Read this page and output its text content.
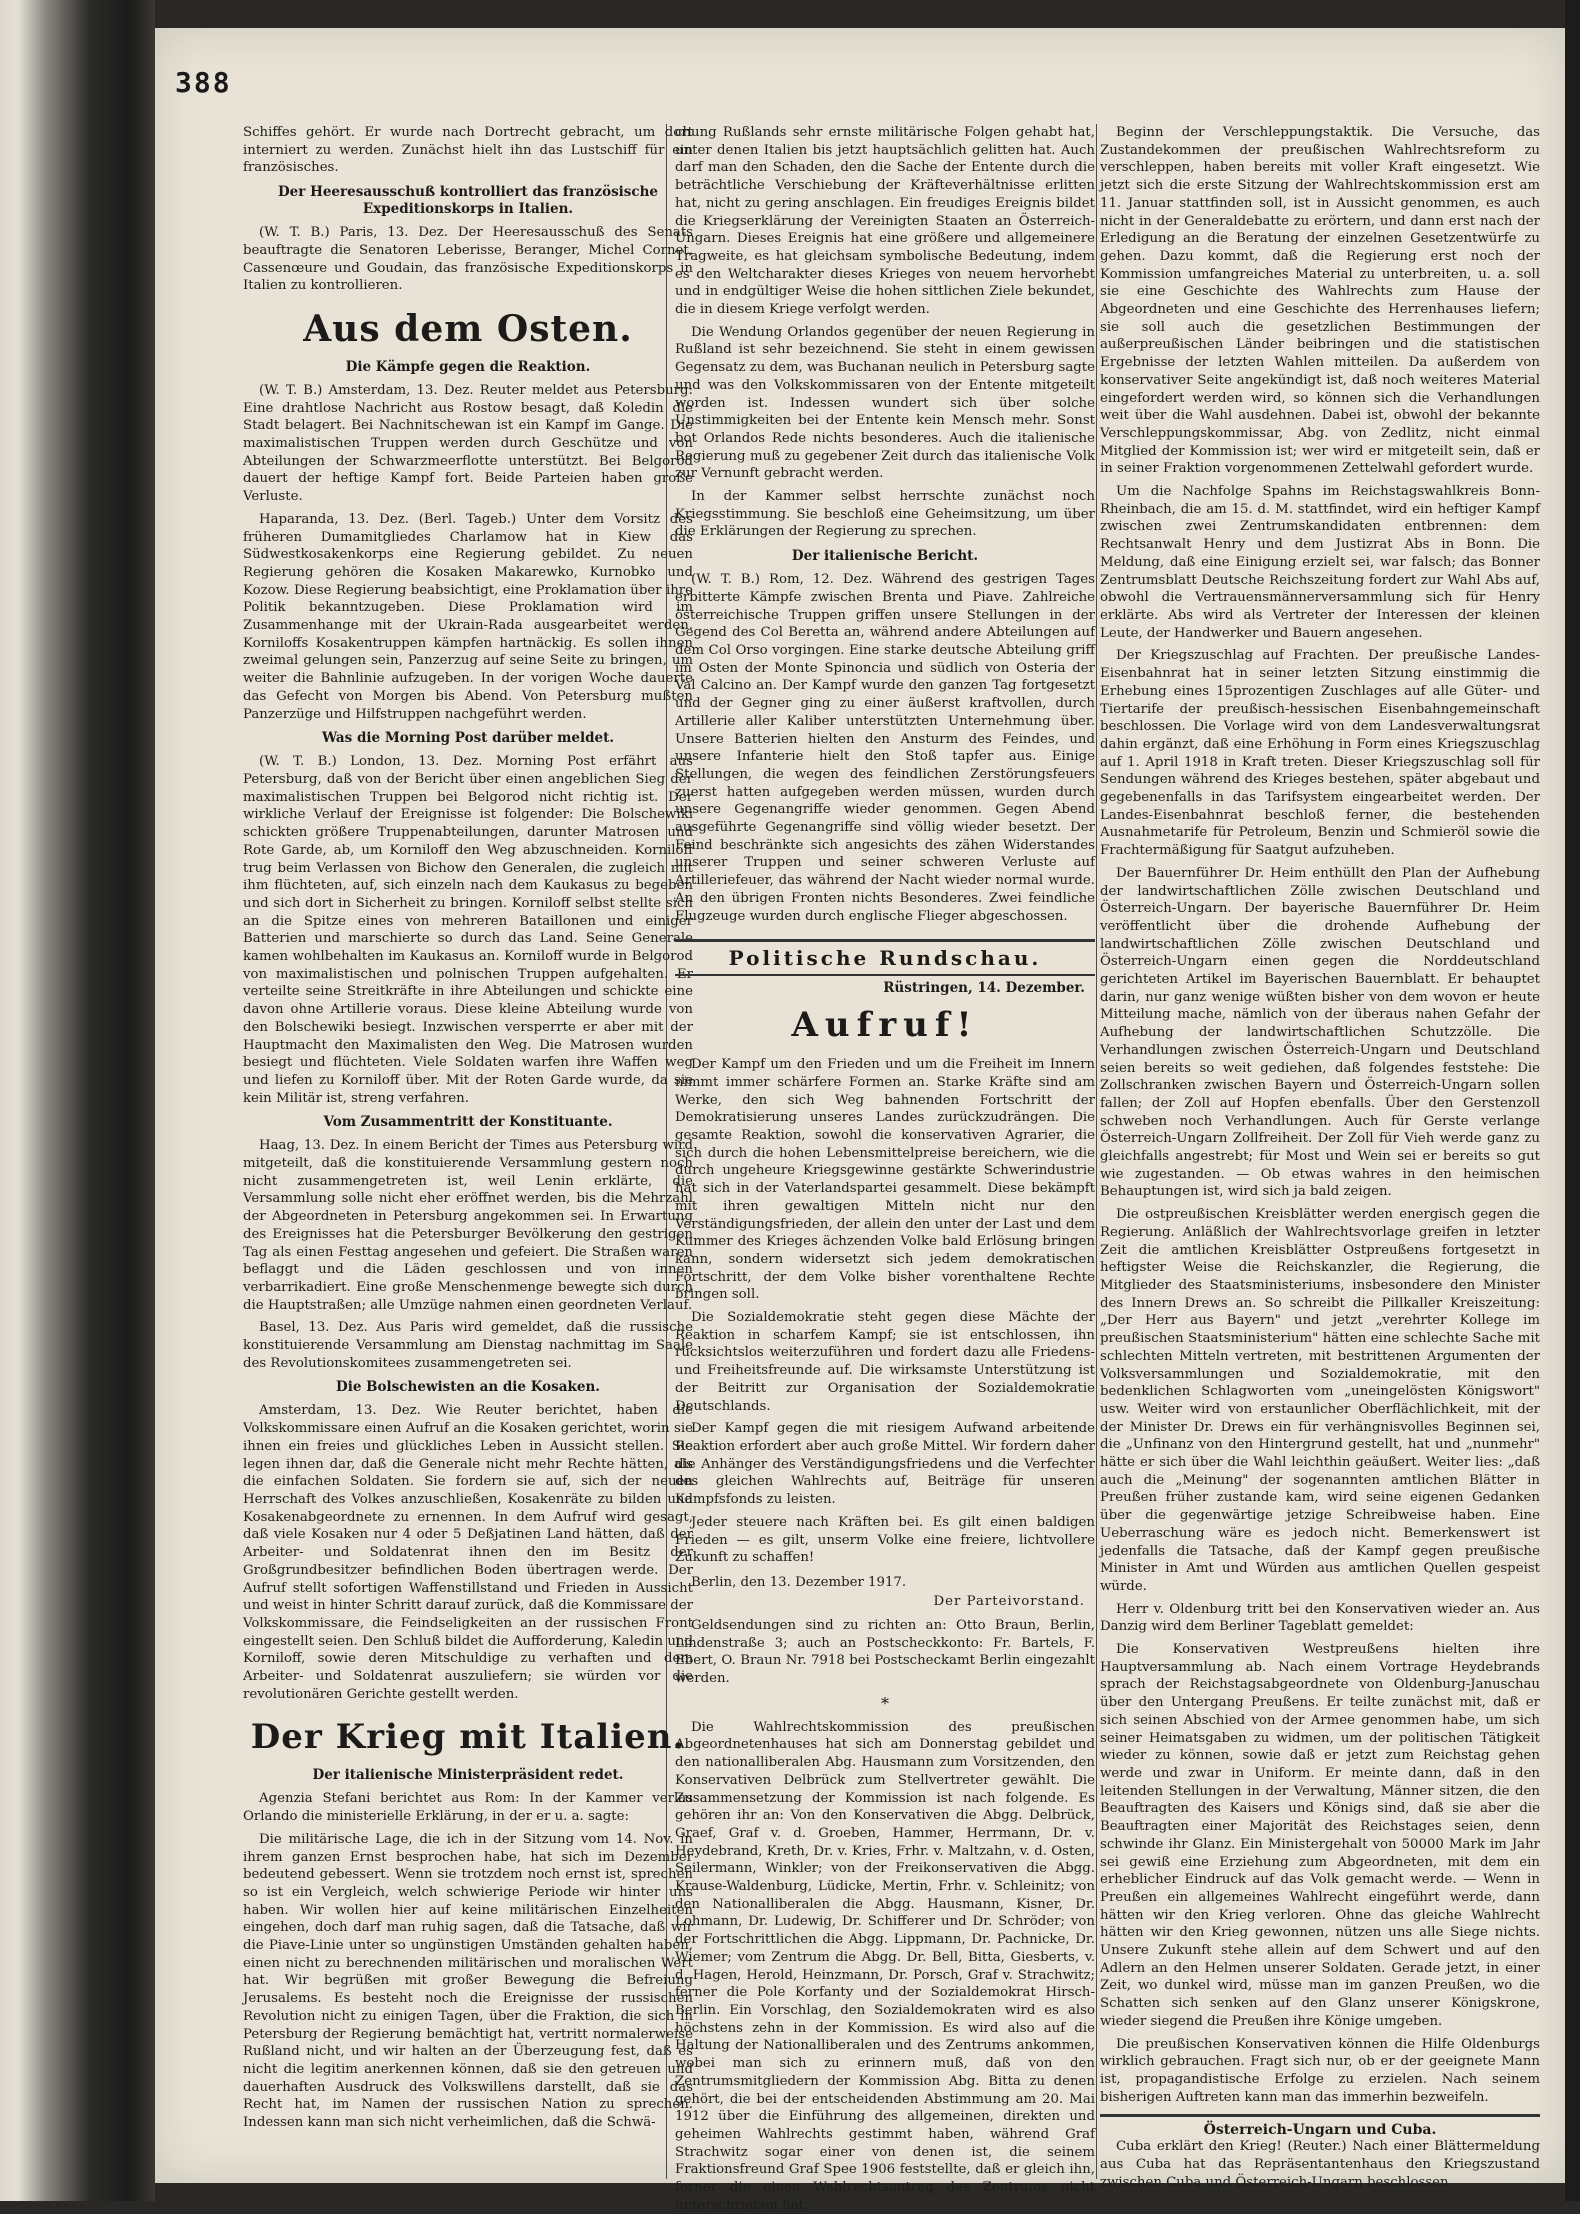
388

Schiffes gehört. Er wurde nach Dortrecht gebracht, um dort interniert zu werden. Zunächst hielt ihn das Lustschiff für ein französisches.

Der Heeresausschuß kontrolliert das französische Expeditionskorps in Italien.

(W. T. B.) Paris, 13. Dez. Der Heeresausschuß des Senats beauftragte die Senatoren Leberisse, Beranger, Michel Cornet, Cassenœure und Goudain, das französische Expeditionskorps in Italien zu kontrollieren.

Aus dem Osten.
Die Kämpfe gegen die Reaktion.

(W. T. B.) Amsterdam, 13. Dez. Reuter meldet aus Petersburg: Eine drahtlose Nachricht aus Rostow besagt, daß Koledin die Stadt belagert. Bei Nachnitschewan ist ein Kampf im Gange. Die maximalistischen Truppen werden durch Geschütze und von Abteilungen der Schwarzmeerflotte unterstützt. Bei Belgorod dauert der heftige Kampf fort. Beide Parteien haben große Verluste.

Haparanda, 13. Dez. (Berl. Tageb.) Unter dem Vorsitz des früheren Dumamitgliedes Charlamow hat in Kiew das Südwestkosakenkorps eine Regierung gebildet. Zu neuen Regierung gehören die Kosaken Makarewko, Kurnobko und Kozow. Diese Regierung beabsichtigt, eine Proklamation über ihre Politik bekanntzugeben. Diese Proklamation wird im Zusammenhange mit der Ukrain-Rada ausgearbeitet werden. Korniloffs Kosakentruppen kämpfen hartnäckig. Es sollen ihnen zweimal gelungen sein, Panzerzug auf seine Seite zu bringen, um weiter die Bahnlinie aufzugeben. In der vorigen Woche dauerte das Gefecht von Morgen bis Abend. Von Petersburg mußten Panzerzüge und Hilfstruppen nachgeführt werden.

Was die Morning Post darüber meldet.

(W. T. B.) London, 13. Dez. Morning Post erfährt aus Petersburg, daß von der Bericht über einen angeblichen Sieg der maximalistischen Truppen bei Belgorod nicht richtig ist. Der wirkliche Verlauf der Ereignisse ist folgender: Die Bolschewiki schickten größere Truppenabteilungen, darunter Matrosen und Rote Garde, ab, um Korniloff den Weg abzuschneiden. Korniloff trug beim Verlassen von Bichow den Generalen, die zugleich mit ihm flüchteten, auf, sich einzeln nach dem Kaukasus zu begeben und sich dort in Sicherheit zu bringen. Korniloff selbst stellte sich an die Spitze eines von mehreren Bataillonen und einiger Batterien und marschierte so durch das Land. Seine Generale kamen wohlbehalten im Kaukasus an. Korniloff wurde in Belgorod von maximalistischen und polnischen Truppen aufgehalten. Er verteilte seine Streitkräfte in ihre Abteilungen und schickte eine davon ohne Artillerie voraus. Diese kleine Abteilung wurde von den Bolschewiki besiegt. Inzwischen versperrte er aber mit der Hauptmacht den Maximalisten den Weg. Die Matrosen wurden besiegt und flüchteten. Viele Soldaten warfen ihre Waffen weg und liefen zu Korniloff über. Mit der Roten Garde wurde, da sie kein Militär ist, streng verfahren.

Vom Zusammentritt der Konstituante.

Haag, 13. Dez. In einem Bericht der Times aus Petersburg wird mitgeteilt, daß die konstituierende Versammlung gestern noch nicht zusammengetreten ist, weil Lenin erklärte, die Versammlung solle nicht eher eröffnet werden, bis die Mehrzahl der Abgeordneten in Petersburg angekommen sei. In Erwartung des Ereignisses hat die Petersburger Bevölkerung den gestrigen Tag als einen Festtag angesehen und gefeiert. Die Straßen waren beflaggt und die Läden geschlossen und von innen verbarrikadiert. Eine große Menschenmenge bewegte sich durch die Hauptstraßen; alle Umzüge nahmen einen geordneten Verlauf.

Basel, 13. Dez. Aus Paris wird gemeldet, daß die russische konstituierende Versammlung am Dienstag nachmittag im Saale des Revolutionskomitees zusammengetreten sei.

Die Bolschewisten an die Kosaken.

Amsterdam, 13. Dez. Wie Reuter berichtet, haben die Volkskommissare einen Aufruf an die Kosaken gerichtet, worin sie ihnen ein freies und glückliches Leben in Aussicht stellen. Sie legen ihnen dar, daß die Generale nicht mehr Rechte hätten, als die einfachen Soldaten. Sie fordern sie auf, sich der neuen Herrschaft des Volkes anzuschließen, Kosakenräte zu bilden und Kosakenabgeordnete zu ernennen. In dem Aufruf wird gesagt, daß viele Kosaken nur 4 oder 5 Deßjatinen Land hätten, daß der Arbeiter- und Soldatenrat ihnen den im Besitz der Großgrundbesitzer befindlichen Boden übertragen werde. Der Aufruf stellt sofortigen Waffenstillstand und Frieden in Aussicht und weist in hinter Schritt darauf zurück, daß die Kommissare der Volkskommissare, die Feindseligkeiten an der russischen Front eingestellt seien. Den Schluß bildet die Aufforderung, Kaledin und Korniloff, sowie deren Mitschuldige zu verhaften und dem Arbeiter- und Soldatenrat auszuliefern; sie würden vor die revolutionären Gerichte gestellt werden.

Der Krieg mit Italien.
Der italienische Ministerpräsident redet.

Agenzia Stefani berichtet aus Rom: In der Kammer verlas Orlando die ministerielle Erklärung, in der er u. a. sagte:

Die militärische Lage, die ich in der Sitzung vom 14. Nov. in ihrem ganzen Ernst besprochen habe, hat sich im Dezember bedeutend gebessert. Wenn sie trotzdem noch ernst ist, sprechen so ist ein Vergleich, welch schwierige Periode wir hinter uns haben. Wir wollen hier auf keine militärischen Einzelheiten eingehen, doch darf man ruhig sagen, daß die Tatsache, daß wir die Piave-Linie unter so ungünstigen Umständen gehalten haben, einen nicht zu berechnenden militärischen und moralischen Wert hat. Wir begrüßen mit großer Bewegung die Befreiung Jerusalems. Es besteht noch die Ereignisse der russischen Revolution nicht zu einigen Tagen, über die Fraktion, die sich in Petersburg der Regierung bemächtigt hat, vertritt normalerweise Rußland nicht, und wir halten an der Überzeugung fest, daß es nicht die legitim anerkennen können, daß sie den getreuen und dauerhaften Ausdruck des Volkswillens darstellt, daß sie das Recht hat, im Namen der russischen Nation zu sprechen. Indessen kann man sich nicht verheimlichen, daß die Schwä-

chung Rußlands sehr ernste militärische Folgen gehabt hat, unter denen Italien bis jetzt hauptsächlich gelitten hat. Auch darf man den Schaden, den die Sache der Entente durch die beträchtliche Verschiebung der Kräfteverhältnisse erlitten hat, nicht zu gering anschlagen. Ein freudiges Ereignis bildet die Kriegserklärung der Vereinigten Staaten an Österreich-Ungarn. Dieses Ereignis hat eine größere und allgemeinere Tragweite, es hat gleichsam symbolische Bedeutung, indem es den Weltcharakter dieses Krieges von neuem hervorhebt und in endgültiger Weise die hohen sittlichen Ziele bekundet, die in diesem Kriege verfolgt werden.

Die Wendung Orlandos gegenüber der neuen Regierung in Rußland ist sehr bezeichnend. Sie steht in einem gewissen Gegensatz zu dem, was Buchanan neulich in Petersburg sagte und was den Volkskommissaren von der Entente mitgeteilt worden ist. Indessen wundert sich über solche Unstimmigkeiten bei der Entente kein Mensch mehr. Sonst bot Orlandos Rede nichts besonderes. Auch die italienische Regierung muß zu gegebener Zeit durch das italienische Volk zur Vernunft gebracht werden.

In der Kammer selbst herrschte zunächst noch Kriegsstimmung. Sie beschloß eine Geheimsitzung, um über die Erklärungen der Regierung zu sprechen.

Der italienische Bericht.

(W. T. B.) Rom, 12. Dez. Während des gestrigen Tages erbitterte Kämpfe zwischen Brenta und Piave. Zahlreiche österreichische Truppen griffen unsere Stellungen in der Gegend des Col Beretta an, während andere Abteilungen auf dem Col Orso vorgingen. Eine starke deutsche Abteilung griff im Osten der Monte Spinoncia und südlich von Osteria der Val Calcino an. Der Kampf wurde den ganzen Tag fortgesetzt und der Gegner ging zu einer äußerst kraftvollen, durch Artillerie aller Kaliber unterstützten Unternehmung über. Unsere Batterien hielten den Ansturm des Feindes, und unsere Infanterie hielt den Stoß tapfer aus. Einige Stellungen, die wegen des feindlichen Zerstörungsfeuers zuerst hatten aufgegeben werden müssen, wurden durch unsere Gegenangriffe wieder genommen. Gegen Abend ausgeführte Gegenangriffe sind völlig wieder besetzt. Der Feind beschränkte sich angesichts des zähen Widerstandes unserer Truppen und seiner schweren Verluste auf Artilleriefeuer, das während der Nacht wieder normal wurde. An den übrigen Fronten nichts Besonderes. Zwei feindliche Flugzeuge wurden durch englische Flieger abgeschossen.

Politische Rundschau.
Rüstringen, 14. Dezember.
Aufruf!

Der Kampf um den Frieden und um die Freiheit im Innern nimmt immer schärfere Formen an. Starke Kräfte sind am Werke, den sich Weg bahnenden Fortschritt der Demokratisierung unseres Landes zurückzudrängen. Die gesamte Reaktion, sowohl die konservativen Agrarier, die sich durch die hohen Lebensmittelpreise bereichern, wie die durch ungeheure Kriegsgewinne gestärkte Schwerindustrie hat sich in der Vaterlandspartei gesammelt. Diese bekämpft mit ihren gewaltigen Mitteln nicht nur den Verständigungsfrieden, der allein den unter der Last und dem Kummer des Krieges ächzenden Volke bald Erlösung bringen kann, sondern widersetzt sich jedem demokratischen Fortschritt, der dem Volke bisher vorenthaltene Rechte bringen soll.

Die Sozialdemokratie steht gegen diese Mächte der Reaktion in scharfem Kampf; sie ist entschlossen, ihn rücksichtslos weiterzuführen und fordert dazu alle Friedens- und Freiheitsfreunde auf. Die wirksamste Unterstützung ist der Beitritt zur Organisation der Sozialdemokratie Deutschlands.

Der Kampf gegen die mit riesigem Aufwand arbeitende Reaktion erfordert aber auch große Mittel. Wir fordern daher die Anhänger des Verständigungsfriedens und die Verfechter des gleichen Wahlrechts auf, Beiträge für unseren Kampfsfonds zu leisten.

Jeder steuere nach Kräften bei. Es gilt einen baldigen Frieden — es gilt, unserm Volke eine freiere, lichtvollere Zukunft zu schaffen!

Berlin, den 13. Dezember 1917.
Der Parteivorstand.

Geldsendungen sind zu richten an: Otto Braun, Berlin, Lindenstraße 3; auch an Postscheckkonto: Fr. Bartels, F. Ebert, O. Braun Nr. 7918 bei Postscheckamt Berlin eingezahlt werden.

*

Die Wahlrechtskommission des preußischen Abgeordnetenhauses hat sich am Donnerstag gebildet und den nationalliberalen Abg. Hausmann zum Vorsitzenden, den Konservativen Delbrück zum Stellvertreter gewählt. Die Zusammensetzung der Kommission ist nach folgende. Es gehören ihr an: Von den Konservativen die Abgg. Delbrück, Graef, Graf v. d. Groeben, Hammer, Herrmann, Dr. v. Heydebrand, Kreth, Dr. v. Kries, Frhr. v. Maltzahn, v. d. Osten, Seilermann, Winkler; von der Freikonservativen die Abgg. Krause-Waldenburg, Lüdicke, Mertin, Frhr. v. Schleinitz; von den Nationalliberalen die Abgg. Hausmann, Kisner, Dr. Lohmann, Dr. Ludewig, Dr. Schifferer und Dr. Schröder; von der Fortschrittlichen die Abgg. Lippmann, Dr. Pachnicke, Dr. Wiemer; vom Zentrum die Abgg. Dr. Bell, Bitta, Giesberts, v. d. Hagen, Herold, Heinzmann, Dr. Porsch, Graf v. Strachwitz; ferner die Pole Korfanty und der Sozialdemokrat Hirsch-Berlin. Ein Vorschlag, den Sozialdemokraten wird es also höchstens zehn in der Kommission. Es wird also auf die Haltung der Nationalliberalen und des Zentrums ankommen, wobei man sich zu erinnern muß, daß von den Zentrumsmitgliedern der Kommission Abg. Bitta zu denen gehört, die bei der entscheidenden Abstimmung am 20. Mai 1912 über die Einführung des allgemeinen, direkten und geheimen Wahlrechts gestimmt haben, während Graf Strachwitz sogar einer von denen ist, die seinem Fraktionsfreund Graf Spee 1906 feststellte, daß er gleich ihn, ferner die einen Wahlrechtsantrag des Zentrums nicht unterschrieben hat.

Beginn der Verschleppungstaktik. Die Versuche, das Zustandekommen der preußischen Wahlrechtsreform zu verschleppen, haben bereits mit voller Kraft eingesetzt. Wie jetzt sich die erste Sitzung der Wahlrechtskommission erst am 11. Januar stattfinden soll, ist in Aussicht genommen, es auch nicht in der Generaldebatte zu erörtern, und dann erst nach der Erledigung an die Beratung der einzelnen Gesetzentwürfe zu gehen. Dazu kommt, daß die Regierung erst noch der Kommission umfangreiches Material zu unterbreiten, u. a. soll sie eine Geschichte des Wahlrechts zum Hause der Abgeordneten und eine Geschichte des Herrenhauses liefern; sie soll auch die gesetzlichen Bestimmungen der außerpreußischen Länder beibringen und die statistischen Ergebnisse der letzten Wahlen mitteilen. Da außerdem von konservativer Seite angekündigt ist, daß noch weiteres Material eingefordert werden wird, so können sich die Verhandlungen weit über die Wahl ausdehnen. Dabei ist, obwohl der bekannte Verschleppungskommissar, Abg. von Zedlitz, nicht einmal Mitglied der Kommission ist; wer wird er mitgeteilt sein, daß er in seiner Fraktion vorgenommenen Zettelwahl gefordert wurde.

Um die Nachfolge Spahns im Reichstagswahlkreis Bonn-Rheinbach, die am 15. d. M. stattfindet, wird ein heftiger Kampf zwischen zwei Zentrumskandidaten entbrennen: dem Rechtsanwalt Henry und dem Justizrat Abs in Bonn. Die Meldung, daß eine Einigung erzielt sei, war falsch; das Bonner Zentrumsblatt Deutsche Reichszeitung fordert zur Wahl Abs auf, obwohl die Vertrauensmännerversammlung sich für Henry erklärte. Abs wird als Vertreter der Interessen der kleinen Leute, der Handwerker und Bauern angesehen.

Der Kriegszuschlag auf Frachten. Der preußische Landes-Eisenbahnrat hat in seiner letzten Sitzung einstimmig die Erhebung eines 15prozentigen Zuschlages auf alle Güter- und Tiertarife der preußisch-hessischen Eisenbahngemeinschaft beschlossen. Die Vorlage wird von dem Landesverwaltungsrat dahin ergänzt, daß eine Erhöhung in Form eines Kriegszuschlag auf 1. April 1918 in Kraft treten. Dieser Kriegszuschlag soll für Sendungen während des Krieges bestehen, später abgebaut und gegebenenfalls in das Tarifsystem eingearbeitet werden. Der Landes-Eisenbahnrat beschloß ferner, die bestehenden Ausnahmetarife für Petroleum, Benzin und Schmieröl sowie die Frachtermäßigung für Saatgut aufzuheben.

Der Bauernführer Dr. Heim enthüllt den Plan der Aufhebung der landwirtschaftlichen Zölle zwischen Deutschland und Österreich-Ungarn. Der bayerische Bauernführer Dr. Heim veröffentlicht über die drohende Aufhebung der landwirtschaftlichen Zölle zwischen Deutschland und Österreich-Ungarn einen gegen die Norddeutschland gerichteten Artikel im Bayerischen Bauernblatt. Er behauptet darin, nur ganz wenige wüßten bisher von dem wovon er heute Mitteilung mache, nämlich von der überaus nahen Gefahr der Aufhebung der landwirtschaftlichen Schutzzölle. Die Verhandlungen zwischen Österreich-Ungarn und Deutschland seien bereits so weit gediehen, daß folgendes feststehe: Die Zollschranken zwischen Bayern und Österreich-Ungarn sollen fallen; der Zoll auf Hopfen ebenfalls. Über den Gerstenzoll schweben noch Verhandlungen. Auch für Gerste verlange Österreich-Ungarn Zollfreiheit. Der Zoll für Vieh werde ganz zu gleichfalls angestrebt; für Most und Wein sei er bereits so gut wie zugestanden. — Ob etwas wahres in den heimischen Behauptungen ist, wird sich ja bald zeigen.

Die ostpreußischen Kreisblätter werden energisch gegen die Regierung. Anläßlich der Wahlrechtsvorlage greifen in letzter Zeit die amtlichen Kreisblätter Ostpreußens fortgesetzt in heftigster Weise die Reichskanzler, die Regierung, die Mitglieder des Staatsministeriums, insbesondere den Minister des Innern Drews an. So schreibt die Pillkaller Kreiszeitung: „Der Herr aus Bayern" und jetzt „verehrter Kollege im preußischen Staatsministerium" hätten eine schlechte Sache mit schlechten Mitteln vertreten, mit bestrittenen Argumenten der Volksversammlungen und Sozialdemokratie, mit den bedenklichen Schlagworten vom „uneingelösten Königswort" usw. Weiter wird von erstaunlicher Oberflächlichkeit, mit der der Minister Dr. Drews ein für verhängnisvolles Beginnen sei, die „Unfinanz von den Hintergrund gestellt, hat und „nunmehr" hätte er sich über die Wahl leichthin geäußert. Weiter lies: „daß auch die „Meinung" der sogenannten amtlichen Blätter in Preußen früher zustande kam, wird seine eigenen Gedanken über die gegenwärtige jetzige Schreibweise haben. Eine Ueberraschung wäre es jedoch nicht. Bemerkenswert ist jedenfalls die Tatsache, daß der Kampf gegen preußische Minister in Amt und Würden aus amtlichen Quellen gespeist würde.

Herr v. Oldenburg tritt bei den Konservativen wieder an. Aus Danzig wird dem Berliner Tageblatt gemeldet:

Die Konservativen Westpreußens hielten ihre Hauptversammlung ab. Nach einem Vortrage Heydebrands sprach der Reichstagsabgeordnete von Oldenburg-Januschau über den Untergang Preußens. Er teilte zunächst mit, daß er sich seinen Abschied von der Armee genommen habe, um sich seiner Heimatsgaben zu widmen, um der politischen Tätigkeit wieder zu können, sowie daß er jetzt zum Reichstag gehen werde und zwar in Uniform. Er meinte dann, daß in den leitenden Stellungen in der Verwaltung, Männer sitzen, die den Beauftragten des Kaisers und Königs sind, daß sie aber die Beauftragten einer Majorität des Reichstages seien, denn schwinde ihr Glanz. Ein Ministergehalt von 50000 Mark im Jahr sei gewiß eine Erziehung zum Abgeordneten, mit dem ein erheblicher Eindruck auf das Volk gemacht werde. — Wenn in Preußen ein allgemeines Wahlrecht eingeführt werde, dann hätten wir den Krieg verloren. Ohne das gleiche Wahlrecht hätten wir den Krieg gewonnen, nützen uns alle Siege nichts. Unsere Zukunft stehe allein auf dem Schwert und auf den Adlern an den Helmen unserer Soldaten. Gerade jetzt, in einer Zeit, wo dunkel wird, müsse man im ganzen Preußen, wo die Schatten sich senken auf den Glanz unserer Königskrone, wieder siegend die Preußen ihre Könige umgeben.

Die preußischen Konservativen können die Hilfe Oldenburgs wirklich gebrauchen. Fragt sich nur, ob er der geeignete Mann ist, propagandistische Erfolge zu erzielen. Nach seinem bisherigen Auftreten kann man das immerhin bezweifeln.

Österreich-Ungarn und Cuba.

Cuba erklärt den Krieg! (Reuter.) Nach einer Blättermeldung aus Cuba hat das Repräsentantenhaus den Kriegszustand zwischen Cuba und Österreich-Ungarn beschlossen.
